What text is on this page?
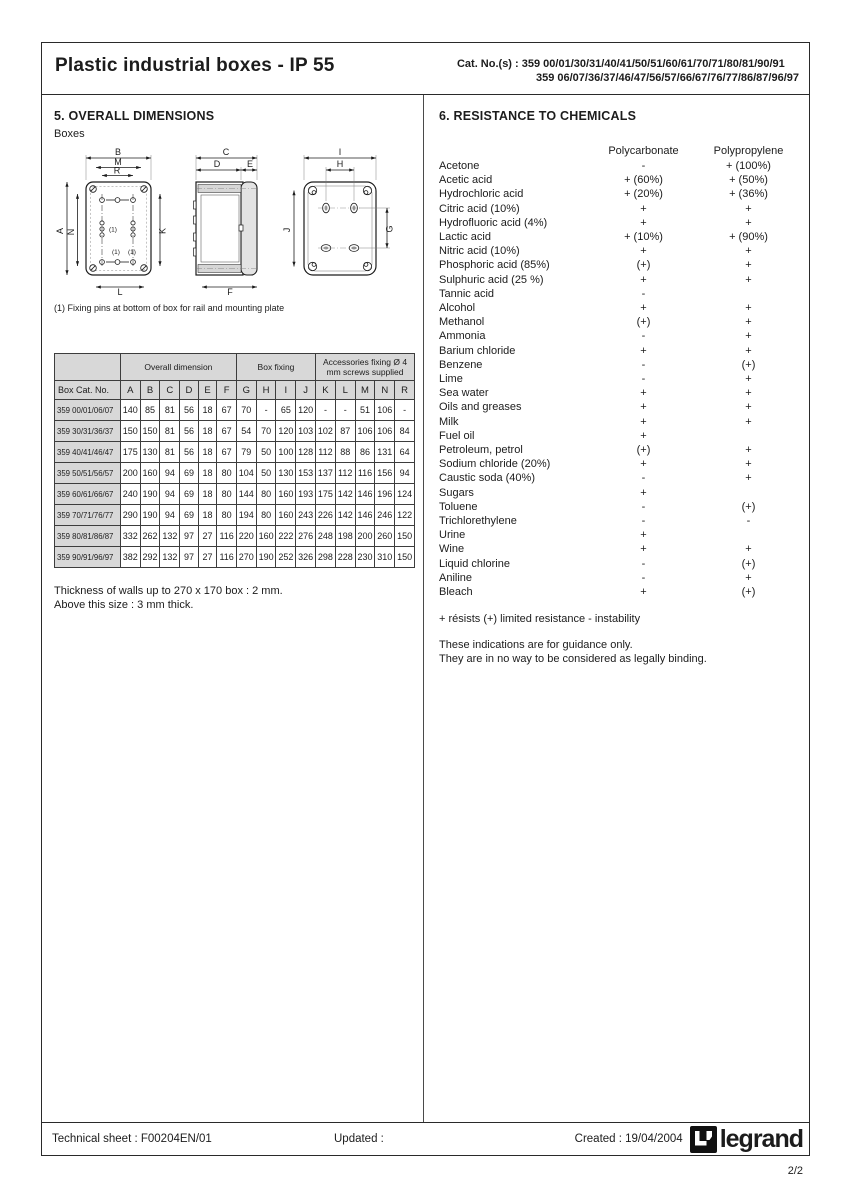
Plastic industrial boxes - IP 55	Cat. No.(s) : 359 00/01/30/31/40/41/50/51/60/61/70/71/80/81/90/91
359 06/07/36/37/46/47/56/57/66/67/76/77/86/87/96/97
5. OVERALL DIMENSIONS
Boxes
B
M
R
A N	K
L
(1)
(1) (1)
C
D	E
F
I
H
J	G
(1) Fixing pins at bottom of box for rail and mounting plate
	Overall dimension						Box fixing				Accessories fixing Ø 4 mm screws supplied				
Box Cat. No.	A	B	C	D	E	F	G	H	I	J	K	L	M	N	R
359 00/01/06/07	140	85	81	56	18	67	70	-	65	120	-	-	51	106	-
359 30/31/36/37	150	150	81	56	18	67	54	70	120	103	102	87	106	106	84
359 40/41/46/47	175	130	81	56	18	67	79	50	100	128	112	88	86	131	64
359 50/51/56/57	200	160	94	69	18	80	104	50	130	153	137	112	116	156	94
359 60/61/66/67	240	190	94	69	18	80	144	80	160	193	175	142	146	196	124
359 70/71/76/77	290	190	94	69	18	80	194	80	160	243	226	142	146	246	122
359 80/81/86/87	332	262	132	97	27	116	220	160	222	276	248	198	200	260	150
359 90/91/96/97	382	292	132	97	27	116	270	190	252	326	298	228	230	310	150
Thickness of walls up to 270 x 170 box : 2 mm.
Above this size : 3 mm thick.
6. RESISTANCE TO CHEMICALS
Polycarbonate	Polypropylene
Acetone	-	+ (100%)
Acetic acid	+ (60%)	+ (50%)
Hydrochloric acid	+ (20%)	+ (36%)
Citric acid (10%)	+	+
Hydrofluoric acid (4%)	+	+
Lactic acid	+ (10%)	+ (90%)
Nitric acid (10%)	+	+
Phosphoric acid (85%)	(+)	+
Sulphuric acid (25 %)	+	+
Tannic acid	-
Alcohol	+	+
Methanol	(+)	+
Ammonia	-	+
Barium chloride	+	+
Benzene	-	(+)
Lime	-	+
Sea water	+	+
Oils and greases	+	+
Milk	+	+
Fuel oil	+
Petroleum, petrol	(+)	+
Sodium chloride (20%)	+	+
Caustic soda (40%)	-	+
Sugars	+
Toluene	-	(+)
Trichlorethylene	-	-
Urine	+
Wine	+	+
Liquid chlorine	-	(+)
Aniline	-	+
Bleach	+	(+)
+ résists (+) limited resistance - instability
These indications are for guidance only.
They are in no way to be considered as legally binding.
Technical sheet : F00204EN/01	Updated :	Created : 19/04/2004 legrand
2/2
